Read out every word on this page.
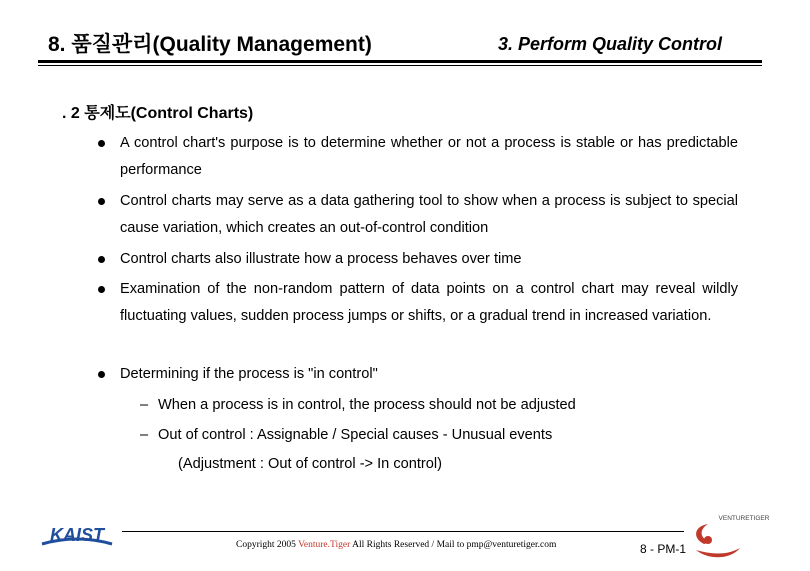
8. 품질관리(Quality Management)	3. Perform Quality Control
. 2 통제도(Control Charts)
A control chart's purpose is to determine whether or not a process is stable or has predictable performance
Control charts may serve as a data gathering tool to show when a process is subject to special cause variation, which creates an out-of-control condition
Control charts also illustrate how a process behaves over time
Examination of the non-random pattern of data points on a control chart may reveal wildly fluctuating values, sudden process jumps or shifts, or a gradual trend in increased variation.
Determining if the process is "in control"
– When a process is in control, the process should not be adjusted
– Out of control : Assignable / Special causes - Unusual events
(Adjustment : Out of control -> In control)
KAIST	Copyright 2005 Venture.Tiger All Rights Reserved / Mail to pmp@venturetiger.com	8 - PM-1
VENTURETIGER
